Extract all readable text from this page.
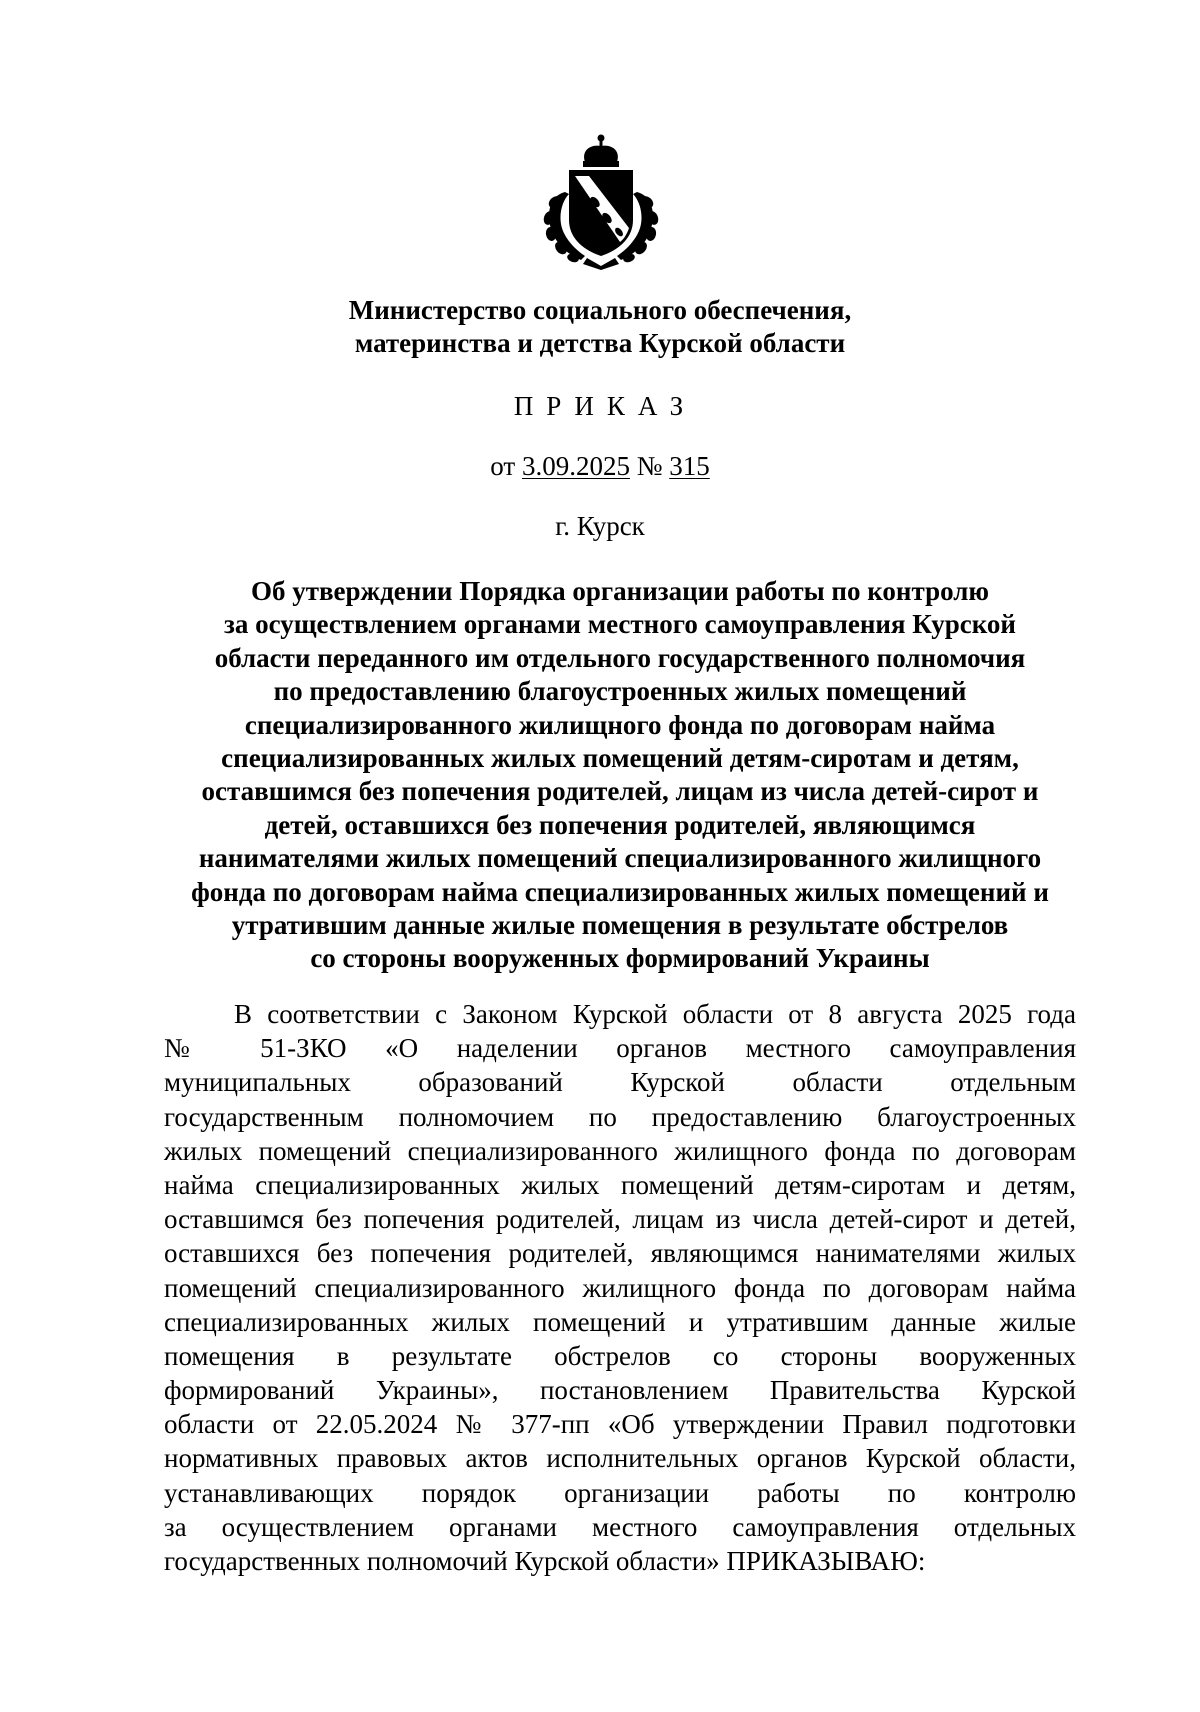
Министерство социального обеспечения,
материнства и детства Курской области
ПРИКАЗ
от 3.09.2025 № 315
г. Курск
Об утверждении Порядка организации работы по контролю
за осуществлением органами местного самоуправления Курской
области переданного им отдельного государственного полномочия
по предоставлению благоустроенных жилых помещений
специализированного жилищного фонда по договорам найма
специализированных жилых помещений детям-сиротам и детям,
оставшимся без попечения родителей, лицам из числа детей-сирот и
детей, оставшихся без попечения родителей, являющимся
нанимателями жилых помещений специализированного жилищного
фонда по договорам найма специализированных жилых помещений и
утратившим данные жилые помещения в результате обстрелов
со стороны вооруженных формирований Украины
В соответствии с Законом Курской области от 8 августа 2025 года
№ 51-ЗКО «О наделении органов местного самоуправления
муниципальных образований Курской области отдельным
государственным полномочием по предоставлению благоустроенных
жилых помещений специализированного жилищного фонда по договорам
найма специализированных жилых помещений детям-сиротам и детям,
оставшимся без попечения родителей, лицам из числа детей-сирот и детей,
оставшихся без попечения родителей, являющимся нанимателями жилых
помещений специализированного жилищного фонда по договорам найма
специализированных жилых помещений и утратившим данные жилые
помещения в результате обстрелов со стороны вооруженных
формирований Украины», постановлением Правительства Курской
области от 22.05.2024 № 377-пп «Об утверждении Правил подготовки
нормативных правовых актов исполнительных органов Курской области,
устанавливающих порядок организации работы по контролю
за осуществлением органами местного самоуправления отдельных
государственных полномочий Курской области» ПРИКАЗЫВАЮ:
